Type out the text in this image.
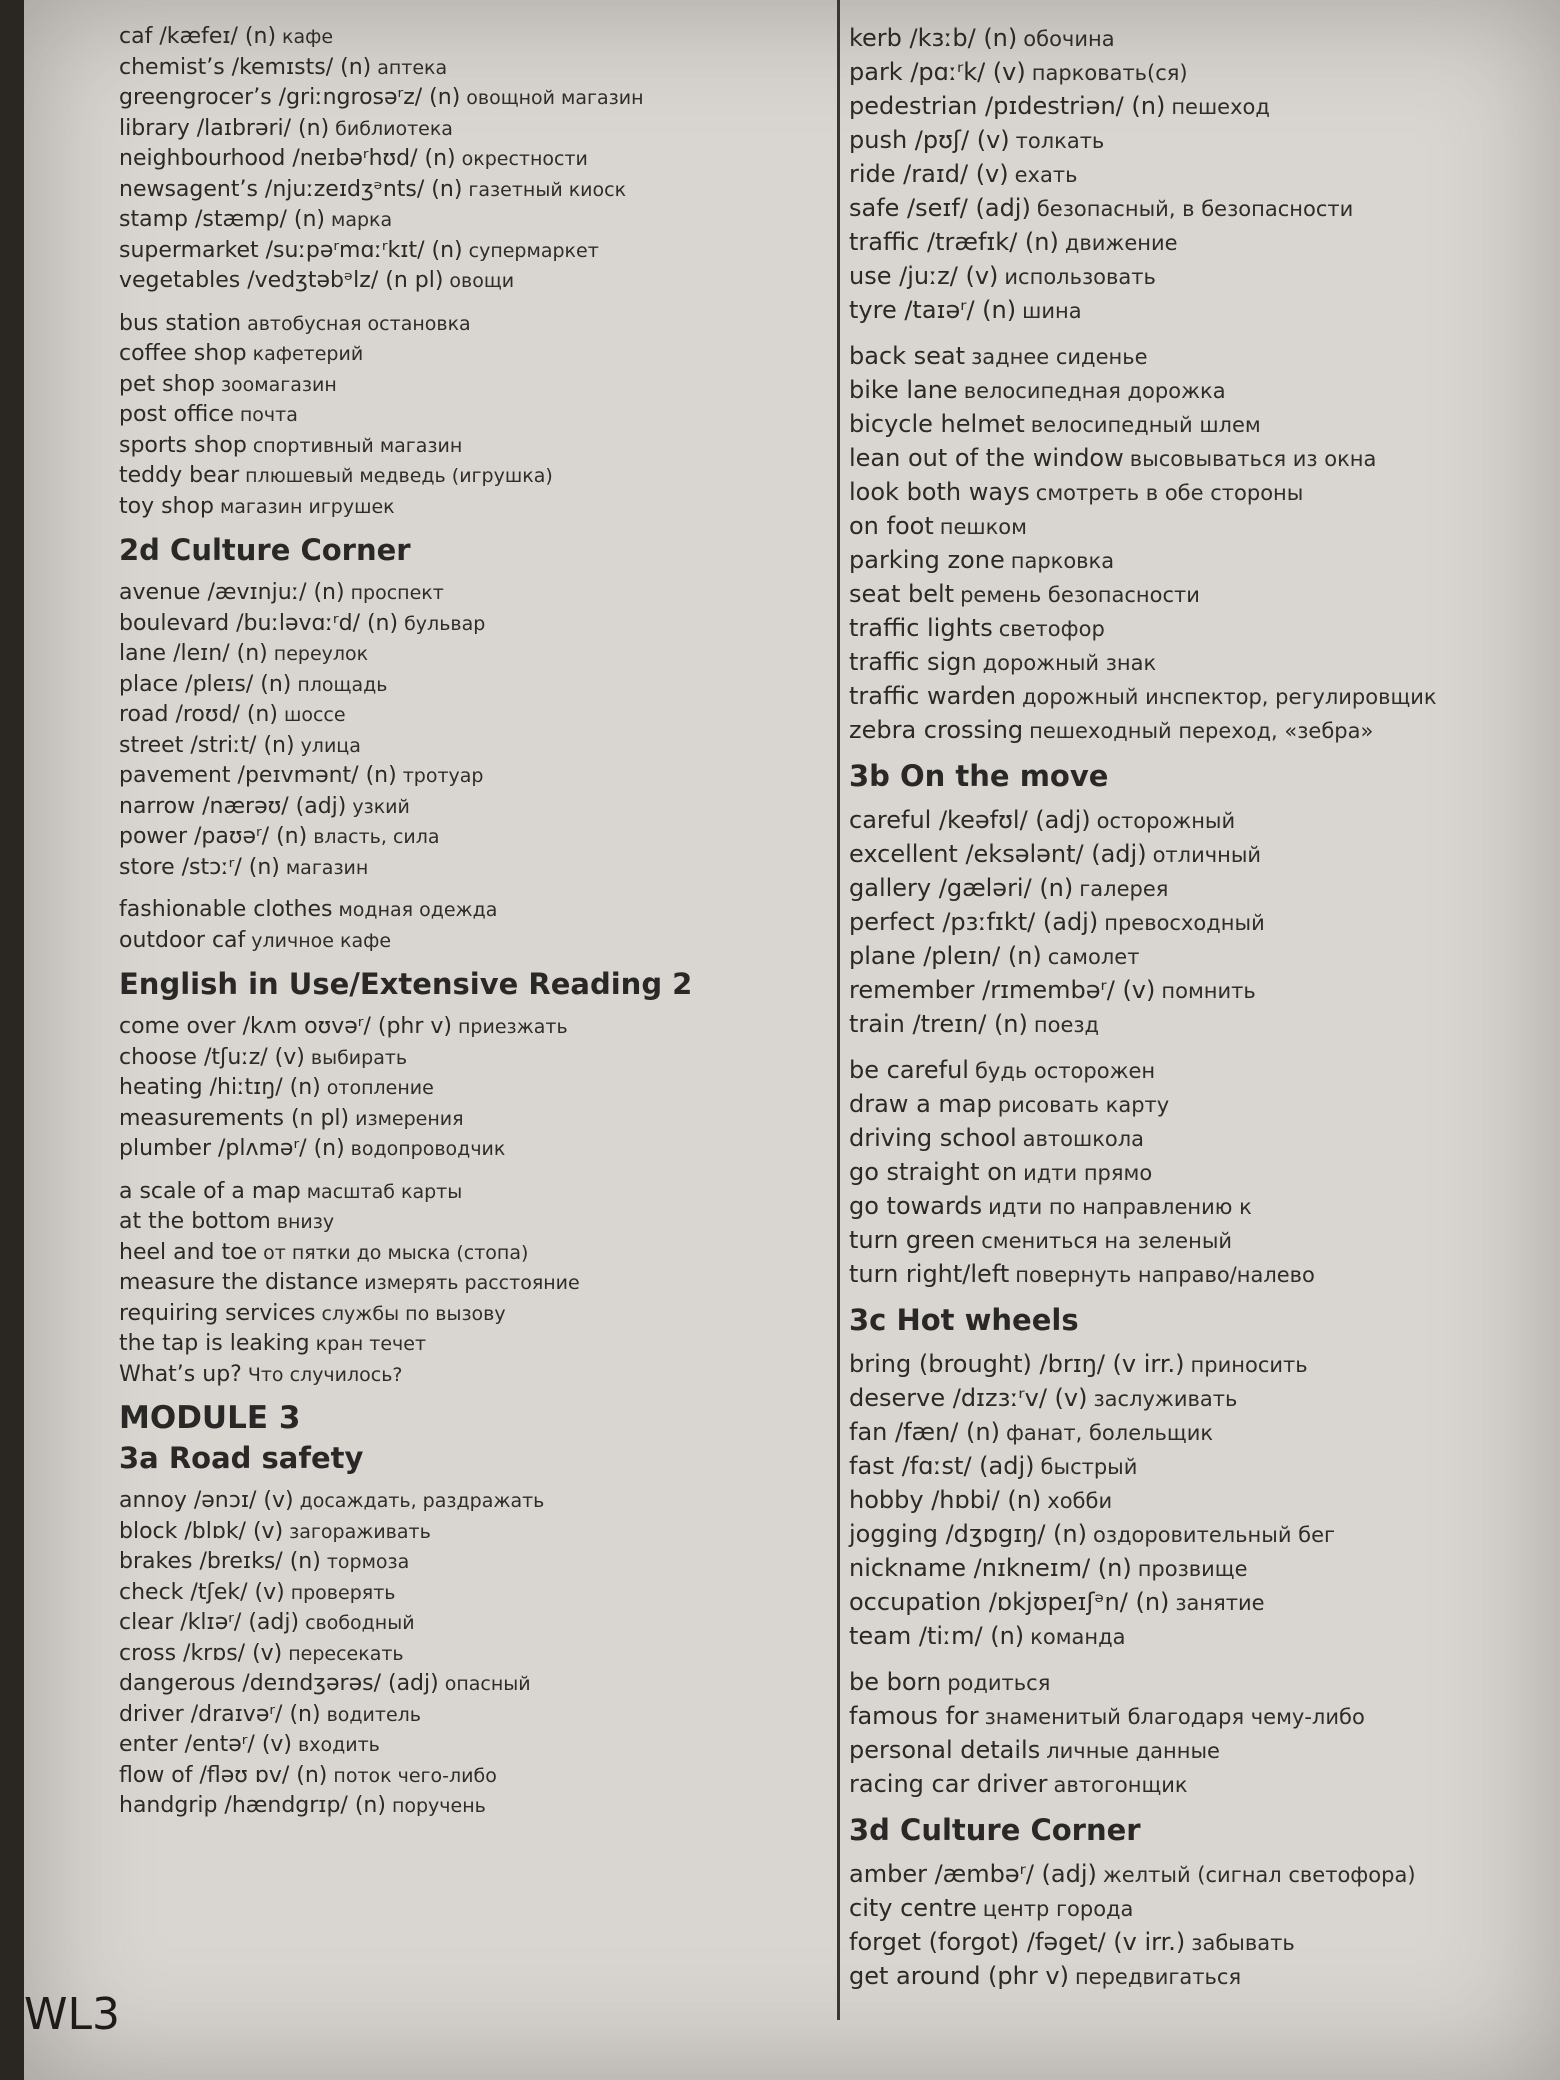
caf /kæfeɪ/ (n) кафе
chemist’s /kemɪsts/ (n) аптека
greengrocer’s /griːngrosəʳz/ (n) овощной магазин
library /laɪbrəri/ (n) библиотека
neighbourhood /neɪbəʳhʊd/ (n) окрестности
newsagent’s /njuːzeɪdʒᵊnts/ (n) газетный киоск
stamp /stæmp/ (n) марка
supermarket /suːpəʳmɑːʳkɪt/ (n) супермаркет
vegetables /vedʒtəbᵊlz/ (n pl) овощи
bus station автобусная остановка
coffee shop кафетерий
pet shop зоомагазин
post office почта
sports shop спортивный магазин
teddy bear плюшевый медведь (игрушка)
toy shop магазин игрушек
2d Culture Corner
avenue /ævɪnjuː/ (n) проспект
boulevard /buːləvɑːʳd/ (n) бульвар
lane /leɪn/ (n) переулок
place /pleɪs/ (n) площадь
road /roʊd/ (n) шоссе
street /striːt/ (n) улица
pavement /peɪvmənt/ (n) тротуар
narrow /nærəʊ/ (adj) узкий
power /paʊəʳ/ (n) власть, сила
store /stɔːʳ/ (n) магазин
fashionable clothes модная одежда
outdoor caf уличное кафе
English in Use/Extensive Reading 2
come over /kʌm oʊvəʳ/ (phr v) приезжать
choose /tʃuːz/ (v) выбирать
heating /hiːtɪŋ/ (n) отопление
measurements (n pl) измерения
plumber /plʌməʳ/ (n) водопроводчик
a scale of a map масштаб карты
at the bottom внизу
heel and toe от пятки до мыска (стопа)
measure the distance измерять расстояние
requiring services службы по вызову
the tap is leaking кран течет
What’s up? Что случилось?
MODULE 3
3a Road safety
annoy /ənɔɪ/ (v) досаждать, раздражать
block /blɒk/ (v) загораживать
brakes /breɪks/ (n) тормоза
check /tʃek/ (v) проверять
clear /klɪəʳ/ (adj) свободный
cross /krɒs/ (v) пересекать
dangerous /deɪndʒərəs/ (adj) опасный
driver /draɪvəʳ/ (n) водитель
enter /entəʳ/ (v) входить
flow of /fləʊ ɒv/ (n) поток чего-либо
handgrip /hændgrɪp/ (n) поручень
kerb /kɜːb/ (n) обочина
park /pɑːʳk/ (v) парковать(ся)
pedestrian /pɪdestriən/ (n) пешеход
push /pʊʃ/ (v) толкать
ride /raɪd/ (v) ехать
safe /seɪf/ (adj) безопасный, в безопасности
traffic /træfɪk/ (n) движение
use /juːz/ (v) использовать
tyre /taɪəʳ/ (n) шина
back seat заднее сиденье
bike lane велосипедная дорожка
bicycle helmet велосипедный шлем
lean out of the window высовываться из окна
look both ways смотреть в обе стороны
on foot пешком
parking zone парковка
seat belt ремень безопасности
traffic lights светофор
traffic sign дорожный знак
traffic warden дорожный инспектор, регулировщик
zebra crossing пешеходный переход, «зебра»
3b On the move
careful /keəfʊl/ (adj) осторожный
excellent /eksələnt/ (adj) отличный
gallery /gæləri/ (n) галерея
perfect /pɜːfɪkt/ (adj) превосходный
plane /pleɪn/ (n) самолет
remember /rɪmembəʳ/ (v) помнить
train /treɪn/ (n) поезд
be careful будь осторожен
draw a map рисовать карту
driving school автошкола
go straight on идти прямо
go towards идти по направлению к
turn green смениться на зеленый
turn right/left повернуть направо/налево
3c Hot wheels
bring (brought) /brɪŋ/ (v irr.) приносить
deserve /dɪzɜːʳv/ (v) заслуживать
fan /fæn/ (n) фанат, болельщик
fast /fɑːst/ (adj) быстрый
hobby /hɒbi/ (n) хобби
jogging /dʒɒgɪŋ/ (n) оздоровительный бег
nickname /nɪkneɪm/ (n) прозвище
occupation /ɒkjʊpeɪʃᵊn/ (n) занятие
team /tiːm/ (n) команда
be born родиться
famous for знаменитый благодаря чему-либо
personal details личные данные
racing car driver автогонщик
3d Culture Corner
amber /æmbəʳ/ (adj) желтый (сигнал светофора)
city centre центр города
forget (forgot) /fəget/ (v irr.) забывать
get around (phr v) передвигаться
WL3
